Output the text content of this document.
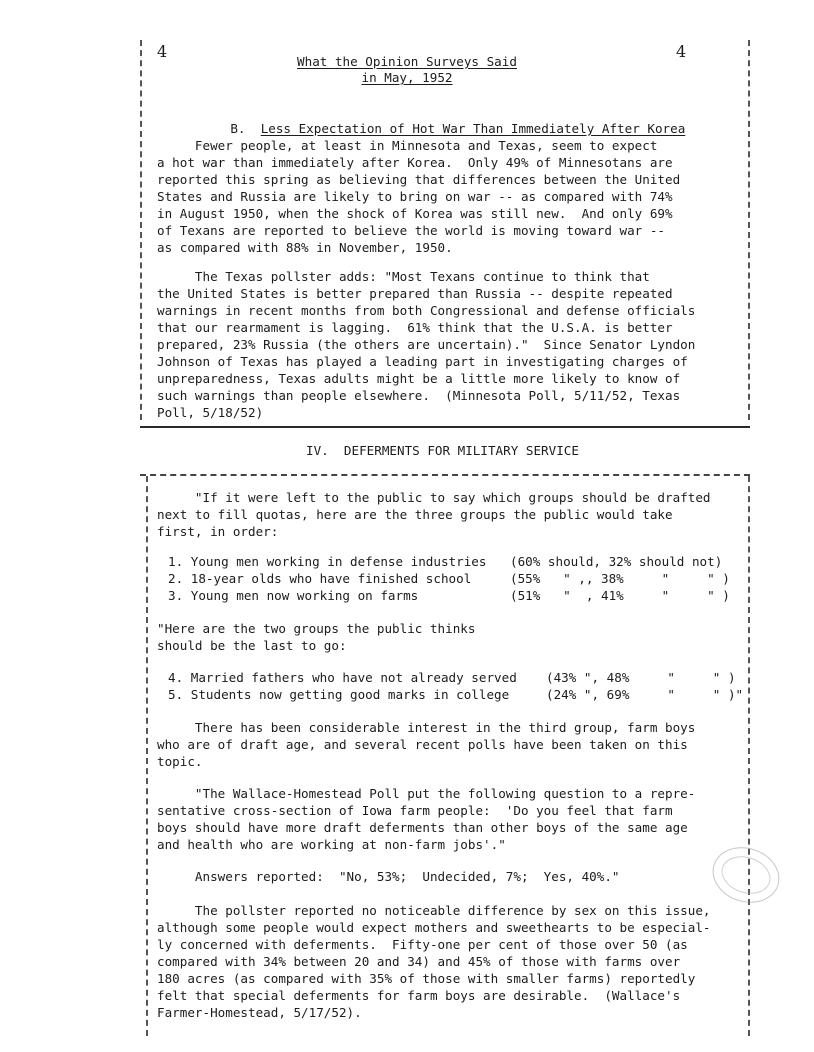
4	4
What the Opinion Surveys Said
in May, 1952

B. Less Expectation of Hot War Than Immediately After Korea

Fewer people, at least in Minnesota and Texas, seem to expect
a hot war than immediately after Korea.  Only 49% of Minnesotans are
reported this spring as believing that differences between the United
States and Russia are likely to bring on war -- as compared with 74%
in August 1950, when the shock of Korea was still new.  And only 69%
of Texans are reported to believe the world is moving toward war --
as compared with 88% in November, 1950.
The Texas pollster adds: "Most Texans continue to think that
the United States is better prepared than Russia -- despite repeated
warnings in recent months from both Congressional and defense officials
that our rearmament is lagging.  61% think that the U.S.A. is better
prepared, 23% Russia (the others are uncertain)."  Since Senator Lyndon
Johnson of Texas has played a leading part in investigating charges of
unpreparedness, Texas adults might be a little more likely to know of
such warnings than people elsewhere.  (Minnesota Poll, 5/11/52, Texas
Poll, 5/18/52)
IV.  DEFERMENTS FOR MILITARY SERVICE
"If it were left to the public to say which groups should be drafted
next to fill quotas, here are the three groups the public would take
first, in order:
1. Young men working in defense industries (60% should, 32% should not)
2. 18-year olds who have finished school	(55%   " ,, 38%     "     " )
3. Young men now working on farms	(51%   "  , 41%     "     " )
"Here are the two groups the public thinks
should be the last to go:
4. Married fathers who have not already served (43% ", 48%     "     " )
5. Students now getting good marks in college	(24% ", 69%     "     " )"
There has been considerable interest in the third group, farm boys
who are of draft age, and several recent polls have been taken on this
topic.
"The Wallace-Homestead Poll put the following question to a repre-
sentative cross-section of Iowa farm people:  'Do you feel that farm
boys should have more draft deferments than other boys of the same age
and health who are working at non-farm jobs'."
Answers reported:  "No, 53%;  Undecided, 7%;  Yes, 40%."
The pollster reported no noticeable difference by sex on this issue,
although some people would expect mothers and sweethearts to be especial-
ly concerned with deferments.  Fifty-one per cent of those over 50 (as
compared with 34% between 20 and 34) and 45% of those with farms over
180 acres (as compared with 35% of those with smaller farms) reportedly
felt that special deferments for farm boys are desirable.  (Wallace's
Farmer-Homestead, 5/17/52).
